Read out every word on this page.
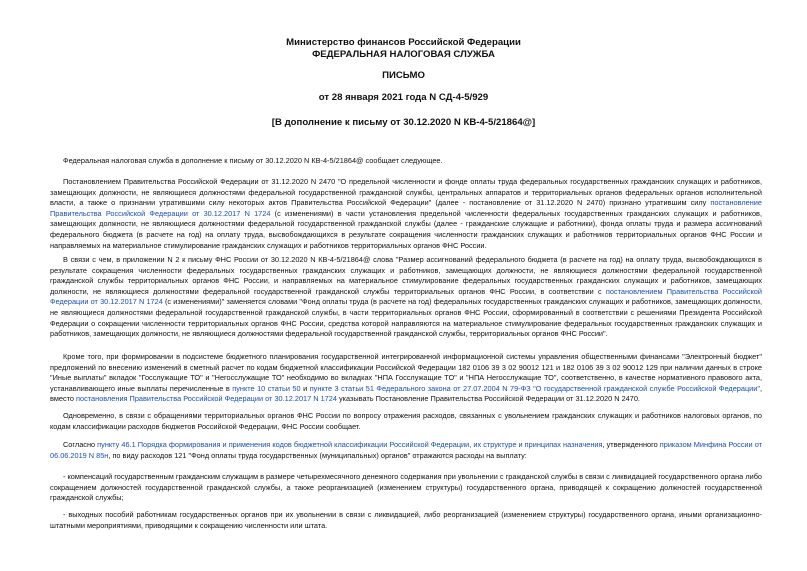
Министерство финансов Российской Федерации
ФЕДЕРАЛЬНАЯ НАЛОГОВАЯ СЛУЖБА
ПИСЬМО
от 28 января 2021 года N СД-4-5/929
[В дополнение к письму от 30.12.2020 N КВ-4-5/21864@]

Федеральная налоговая служба в дополнение к письму от 30.12.2020 N КВ-4-5/21864@ сообщает следующее.

Постановлением Правительства Российской Федерации от 31.12.2020 N 2470 "О предельной численности и фонде оплаты труда федеральных государственных гражданских служащих и работников, замещающих должности, не являющиеся должностями федеральной государственной гражданской службы, центральных аппаратов и территориальных органов федеральных органов исполнительной власти, а также о признании утратившими силу некоторых актов Правительства Российской Федерации" (далее - постановление от 31.12.2020 N 2470) признано утратившим силу постановление Правительства Российской Федерации от 30.12.2017 N 1724 (с изменениями) в части установления предельной численности федеральных государственных гражданских служащих и работников, замещающих должности, не являющиеся должностями федеральной государственной гражданской службы (далее - гражданские служащие и работники), фонда оплаты труда и размера ассигнований федерального бюджета (в расчете на год) на оплату труда, высвобождающихся в результате сокращения численности гражданских служащих и работников территориальных органов ФНС России и направляемых на материальное стимулирование гражданских служащих и работников территориальных органов ФНС России.

В связи с чем, в приложении N 2 к письму ФНС России от 30.12.2020 N КВ-4-5/21864@ слова "Размер ассигнований федерального бюджета (в расчете на год) на оплату труда, высвобождающихся в результате сокращения численности федеральных государственных гражданских служащих и работников, замещающих должности, не являющиеся должностями федеральной государственной гражданской службы территориальных органов ФНС России, и направляемых на материальное стимулирование федеральных государственных гражданских служащих и работников, замещающих должности, не являющиеся должностями федеральной государственной гражданской службы территориальных органов ФНС России, в соответствии с постановлением Правительства Российской Федерации от 30.12.2017 N 1724 (с изменениями)" заменяется словами "Фонд оплаты труда (в расчете на год) федеральных государственных гражданских служащих и работников, замещающих должности, не являющиеся должностями федеральной государственной гражданской службы, в части территориальных органов ФНС России, сформированный в соответствии с решениями Президента Российской Федерации о сокращении численности территориальных органов ФНС России, средства которой направляются на материальное стимулирование федеральных государственных гражданских служащих и работников, замещающих должности, не являющиеся должностями федеральной государственной гражданской службы, территориальных органов ФНС России".

Кроме того, при формировании в подсистеме бюджетного планирования государственной интегрированной информационной системы управления общественными финансами "Электронный бюджет" предложений по внесению изменений в сметный расчет по кодам бюджетной классификации Российской Федерации 182 0106 39 3 02 90012 121 и 182 0106 39 3 02 90012 129 при наличии данных в строке "Иные выплаты" вкладок "Госслужащие ТО" и "Негосслужащие ТО" необходимо во вкладках "НПА Госслужащие ТО" и "НПА Негосслужащие ТО", соответственно, в качестве нормативного правового акта, устанавливающего иные выплаты перечисленные в пункте 10 статьи 50 и пункте 3 статьи 51 Федерального закона от 27.07.2004 N 79-ФЗ "О государственной гражданской службе Российской Федерации", вместо постановления Правительства Российской Федерации от 30.12.2017 N 1724 указывать Постановление Правительства Российской Федерации от 31.12.2020 N 2470.

Одновременно, в связи с обращениями территориальных органов ФНС России по вопросу отражения расходов, связанных с увольнением гражданских служащих и работников налоговых органов, по кодам классификации расходов бюджетов Российской Федерации, ФНС России сообщает.

Согласно пункту 46.1 Порядка формирования и применения кодов бюджетной классификации Российской Федерации, их структуре и принципах назначения, утвержденного приказом Минфина России от 06.06.2019 N 85н, по виду расходов 121 "Фонд оплаты труда государственных (муниципальных) органов" отражаются расходы на выплату:

- компенсаций государственным гражданским служащим в размере четырехмесячного денежного содержания при увольнении с гражданской службы в связи с ликвидацией государственного органа либо сокращением должностей государственной гражданской службы, а также реорганизацией (изменением структуры) государственного органа, приводящей к сокращению должностей государственной гражданской службы;

- выходных пособий работникам государственных органов при их увольнении в связи с ликвидацией, либо реорганизацией (изменением структуры) государственного органа, иными организационно-штатными мероприятиями, приводящими к сокращению численности или штата.
